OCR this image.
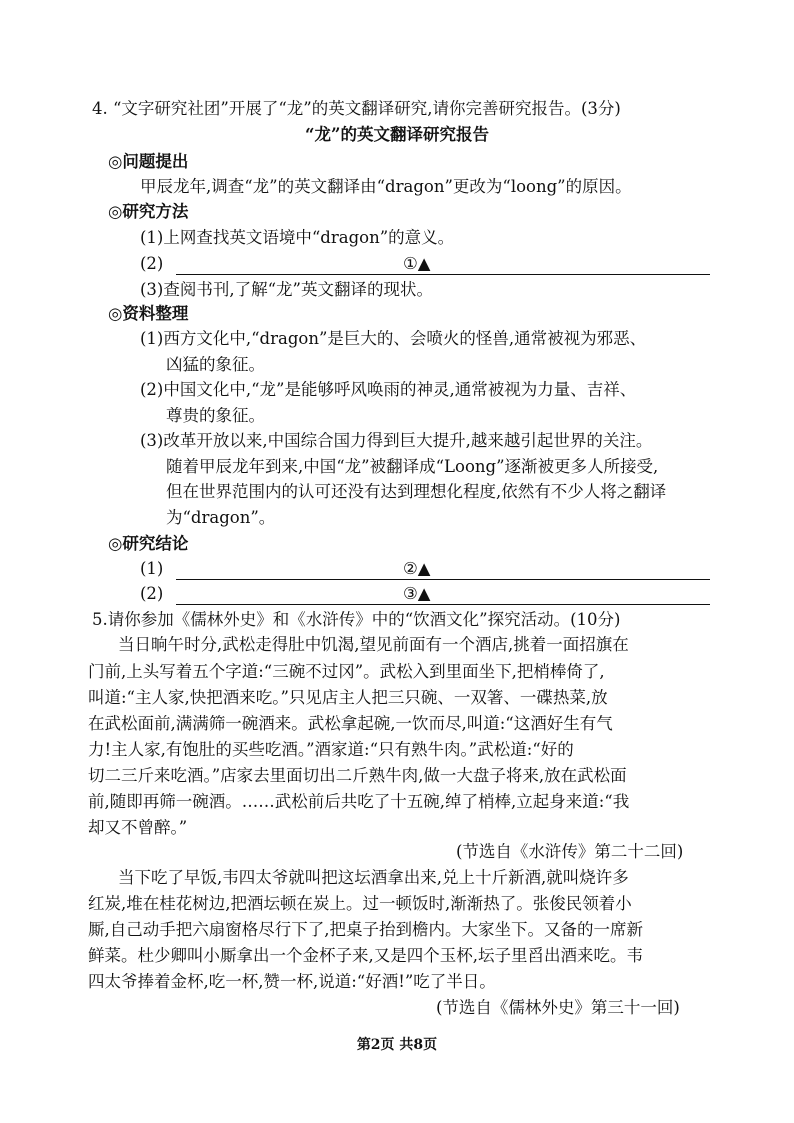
4. “文字研究社团”开展了“龙”的英文翻译研究,请你完善研究报告。(3分)
“龙”的英文翻译研究报告
◎问题提出
甲辰龙年,调查“龙”的英文翻译由“dragon”更改为“loong”的原因。
◎研究方法
(1)上网查找英文语境中“dragon”的意义。
(2)	①▲
(3)查阅书刊,了解“龙”英文翻译的现状。
◎资料整理
(1)西方文化中,“dragon”是巨大的、会喷火的怪兽,通常被视为邪恶、
凶猛的象征。
(2)中国文化中,“龙”是能够呼风唤雨的神灵,通常被视为力量、吉祥、
尊贵的象征。
(3)改革开放以来,中国综合国力得到巨大提升,越来越引起世界的关注。
随着甲辰龙年到来,中国“龙”被翻译成“Loong”逐渐被更多人所接受,
但在世界范围内的认可还没有达到理想化程度,依然有不少人将之翻译
为“dragon”。
◎研究结论
(1)	②▲
(2)	③▲
5.请你参加《儒林外史》和《水浒传》中的“饮酒文化”探究活动。(10分)
当日晌午时分,武松走得肚中饥渴,望见前面有一个酒店,挑着一面招旗在
门前,上头写着五个字道:“三碗不过冈”。武松入到里面坐下,把梢棒倚了,
叫道:“主人家,快把酒来吃。”只见店主人把三只碗、一双箸、一碟热菜,放
在武松面前,满满筛一碗酒来。武松拿起碗,一饮而尽,叫道:“这酒好生有气
力!主人家,有饱肚的买些吃酒。”酒家道:“只有熟牛肉。”武松道:“好的
切二三斤来吃酒。”店家去里面切出二斤熟牛肉,做一大盘子将来,放在武松面
前,随即再筛一碗酒。……武松前后共吃了十五碗,绰了梢棒,立起身来道:“我
却又不曾醉。”
(节选自《水浒传》第二十二回)
当下吃了早饭,韦四太爷就叫把这坛酒拿出来,兑上十斤新酒,就叫烧许多
红炭,堆在桂花树边,把酒坛顿在炭上。过一顿饭时,渐渐热了。张俊民领着小
厮,自己动手把六扇窗格尽行下了,把桌子抬到檐内。大家坐下。又备的一席新
鲜菜。杜少卿叫小厮拿出一个金杯子来,又是四个玉杯,坛子里舀出酒来吃。韦
四太爷捧着金杯,吃一杯,赞一杯,说道:“好酒!”吃了半日。
(节选自《儒林外史》第三十一回)
第2页 共8页
